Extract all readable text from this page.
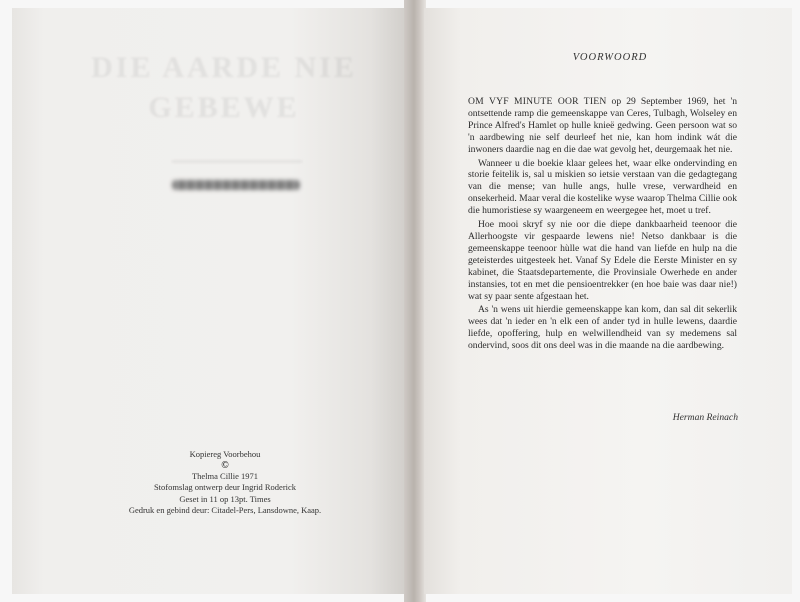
DIE AARDE NIE
GEBEWE
Kopiereg Voorbehou
©
Thelma Cillie 1971
Stofomslag ontwerp deur Ingrid Roderick
Geset in 11 op 13pt. Times
Gedruk en gebind deur: Citadel-Pers, Lansdowne, Kaap.
VOORWOORD

OM VYF MINUTE OOR TIEN op 29 September 1969, het 'n ontsettende ramp die gemeenskappe van Ceres, Tulbagh, Wolseley en Prince Alfred's Hamlet op hulle knieë gedwing. Geen persoon wat so 'n aardbewing nie self deurleef het nie, kan hom indink wát die inwoners daardie nag en die dae wat gevolg het, deurgemaak het nie.

Wanneer u die boekie klaar gelees het, waar elke ondervinding en storie feitelik is, sal u miskien so ietsie verstaan van die gedagtegang van die mense; van hulle angs, hulle vrese, verwardheid en onsekerheid. Maar veral die kostelike wyse waarop Thelma Cillie ook die humoristiese sy waargeneem en weergegee het, moet u tref.

Hoe mooi skryf sy nie oor die diepe dankbaarheid teenoor die Allerhoogste vir gespaarde lewens nie! Netso dankbaar is die gemeenskappe teenoor hùlle wat die hand van liefde en hulp na die geteisterdes uitgesteek het. Vanaf Sy Edele die Eerste Minister en sy kabinet, die Staatsdepartemente, die Provinsiale Owerhede en ander instansies, tot en met die pensioentrekker (en hoe baie was daar nie!) wat sy paar sente afgestaan het.

As 'n wens uit hierdie gemeenskappe kan kom, dan sal dit sekerlik wees dat 'n ieder en 'n elk een of ander tyd in hulle lewens, daardie liefde, opoffering, hulp en welwillendheid van sy medemens sal ondervind, soos dit ons deel was in die maande na die aardbewing.

Herman Reinach
